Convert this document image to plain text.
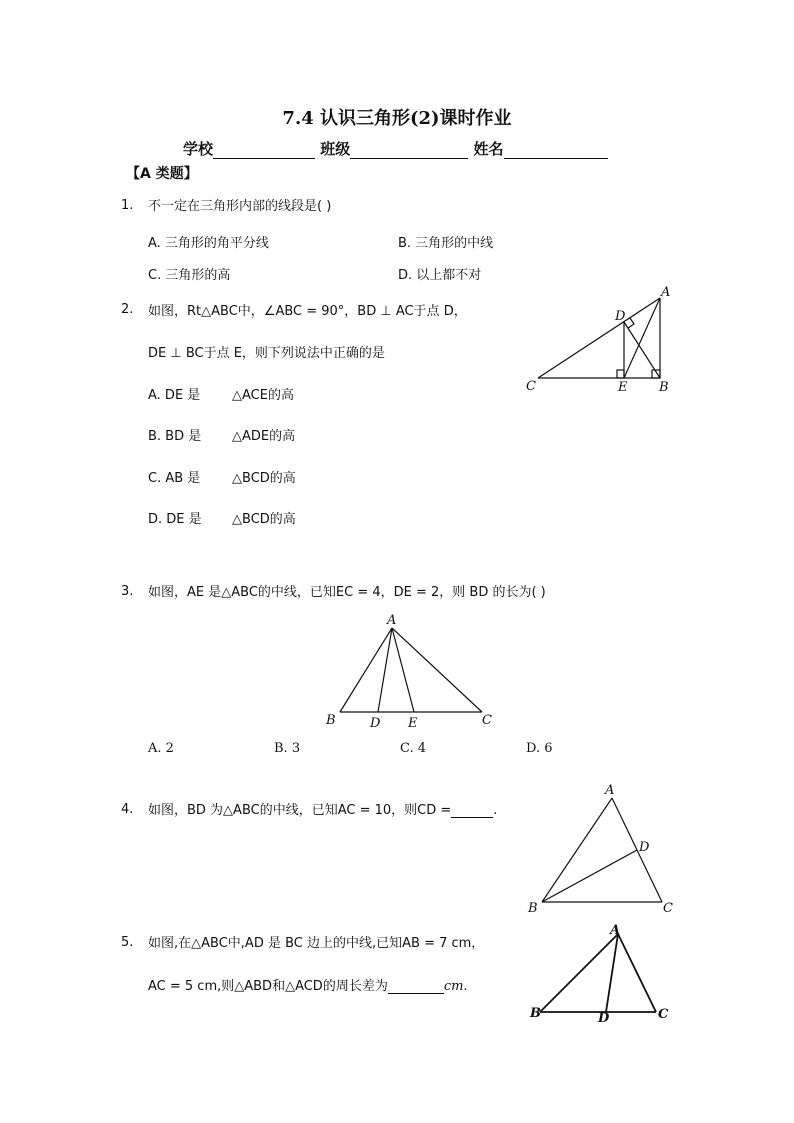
7.4 认识三角形(2)课时作业
学校	班级	姓名
【A 类题】
1. 不一定在三角形内部的线段是( )
A. 三角形的角平分线	B. 三角形的中线
C. 三角形的高	D. 以上都不对
2. 如图，Rt△ABC中，∠ABC = 90°，BD ⊥ AC于点 D，
DE ⊥ BC于点 E，则下列说法中正确的是
A. DE 是 △ACE的高
B. BD 是 △ADE的高
C. AB 是 △BCD的高
D. DE 是 △BCD的高
A
D
C	E B
3. 如图，AE 是△ABC的中线，已知EC = 4，DE = 2，则 BD 的长为( )
A
B	D E	C
A. 2	B. 3	C. 4	D. 6
4. 如图，BD 为△ABC的中线，已知AC = 10，则CD =	.
A
D
B	C
5. 如图,在△ABC中,AD 是 BC 边上的中线,已知AB = 7 cm，
AC = 5 cm,则△ABD和△ACD的周长差为	cm.
A
B	D	C
